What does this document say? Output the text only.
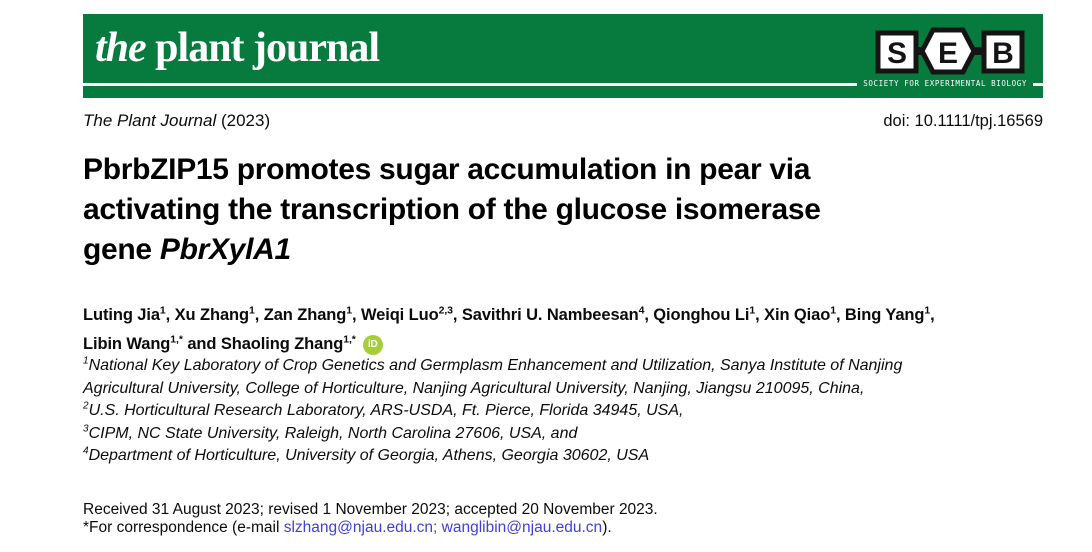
the plant journal	S E B
SOCIETY FOR EXPERIMENTAL BIOLOGY
The Plant Journal (2023)	doi: 10.1111/tpj.16569
PbrbZIP15 promotes sugar accumulation in pear via
activating the transcription of the glucose isomerase
gene PbrXylA1
Luting Jia$^1$, Xu Zhang$^1$, Zan Zhang$^1$, Weiqi Luo$^{2,3}$, Savithri U. Nambeesan$^4$, Qionghou Li$^1$, Xin Qiao$^1$, Bing Yang$^1$,
Libin Wang$^{1,*}$ and Shaoling Zhang$^{1,*}$ iD
$^1$National Key Laboratory of Crop Genetics and Germplasm Enhancement and Utilization, Sanya Institute of Nanjing
Agricultural University, College of Horticulture, Nanjing Agricultural University, Nanjing, Jiangsu 210095, China,
$^2$U.S. Horticultural Research Laboratory, ARS-USDA, Ft. Pierce, Florida 34945, USA,
$^3$CIPM, NC State University, Raleigh, North Carolina 27606, USA, and
$^4$Department of Horticulture, University of Georgia, Athens, Georgia 30602, USA
Received 31 August 2023; revised 1 November 2023; accepted 20 November 2023.
*For correspondence (e-mail slzhang@njau.edu.cn; wanglibin@njau.edu.cn).
